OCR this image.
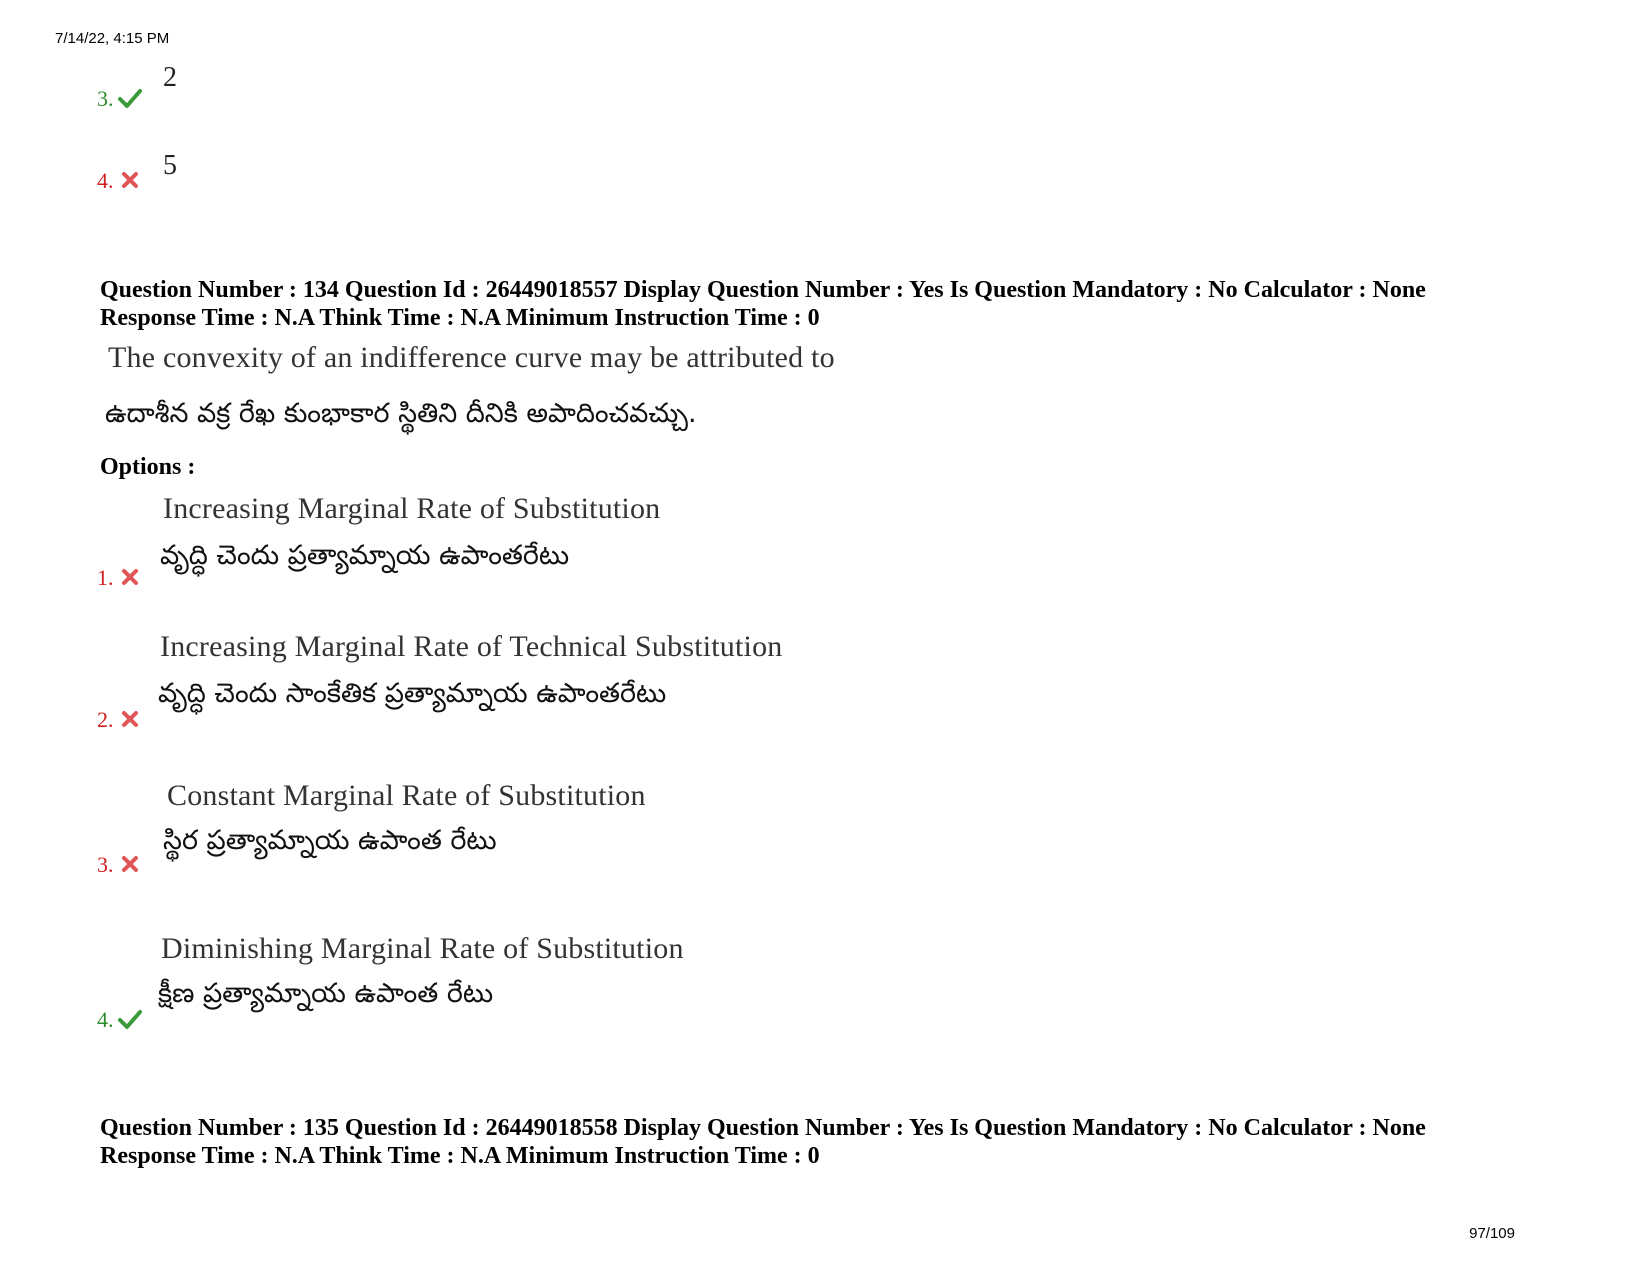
7/14/22, 4:15 PM
97/109
3.
2
4.	5
Question Number : 134 Question Id : 26449018557 Display Question Number : Yes Is Question Mandatory : No Calculator : None
Response Time : N.A Think Time : N.A Minimum Instruction Time : 0
The convexity of an indifference curve may be attributed to
ఉదాశీన వక్ర రేఖ కుంభాకార స్థితిని దీనికి అపాదించవచ్చు.
Options :
Increasing Marginal Rate of Substitution
వృద్ధి చెందు ప్రత్యామ్నాయ ఉపాంతరేటు
1.
Increasing Marginal Rate of Technical Substitution
వృద్ధి చెందు సాంకేతిక ప్రత్యామ్నాయ ఉపాంతరేటు
2.
Constant Marginal Rate of Substitution
స్థిర ప్రత్యామ్నాయ ఉపాంత రేటు
3.
Diminishing Marginal Rate of Substitution
క్షీణ ప్రత్యామ్నాయ ఉపాంత రేటు
4.
Question Number : 135 Question Id : 26449018558 Display Question Number : Yes Is Question Mandatory : No Calculator : None
Response Time : N.A Think Time : N.A Minimum Instruction Time : 0
